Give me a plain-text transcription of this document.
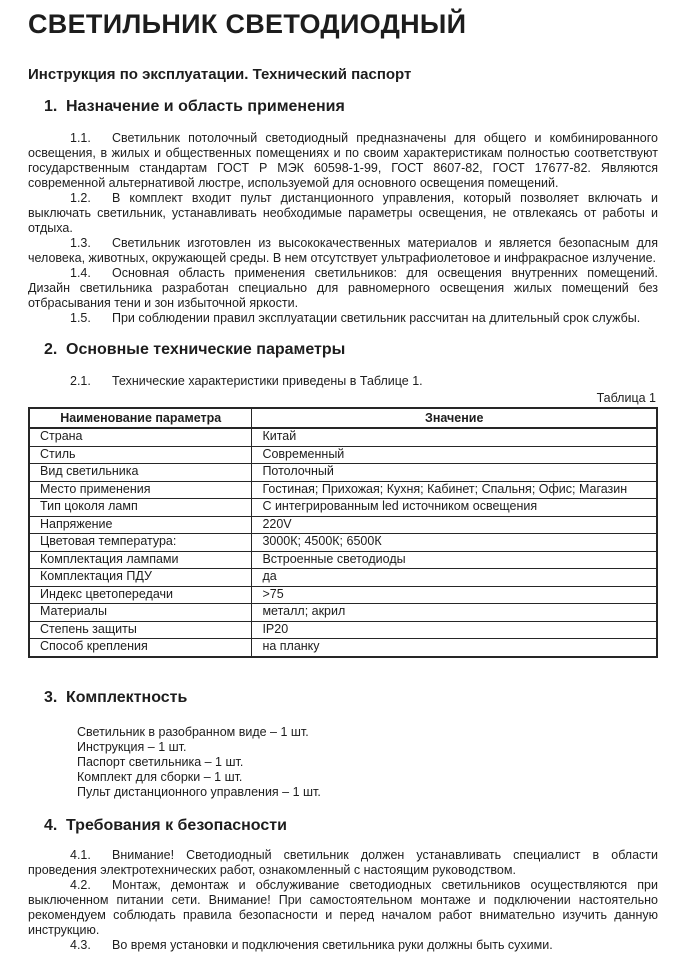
СВЕТИЛЬНИК СВЕТОДИОДНЫЙ
Инструкция по эксплуатации. Технический паспорт
1. Назначение и область применения

1.1. Светильник потолочный светодиодный предназначены для общего и комбинированного освещения, в жилых и общественных помещениях и по своим характеристикам полностью соответствуют государственным стандартам ГОСТ Р МЭК 60598-1-99, ГОСТ 8607-82, ГОСТ 17677-82. Являются современной альтернативой люстре, используемой для основного освещения помещений.

1.2. В комплект входит пульт дистанционного управления, который позволяет включать и выключать светильник, устанавливать необходимые параметры освещения, не отвлекаясь от работы и отдыха.

1.3. Светильник изготовлен из высококачественных материалов и является безопасным для человека, животных, окружающей среды. В нем отсутствует ультрафиолетовое и инфракрасное излучение.

1.4. Основная область применения светильников: для освещения внутренних помещений. Дизайн светильника разработан специально для равномерного освещения жилых помещений без отбрасывания тени и зон избыточной яркости.

1.5. При соблюдении правил эксплуатации светильник рассчитан на длительный срок службы.

2. Основные технические параметры

2.1. Технические характеристики приведены в Таблице 1.

Таблица 1
Наименование параметра	Значение
Страна	Китай
Стиль	Современный
Вид светильника	Потолочный
Место применения	Гостиная; Прихожая; Кухня; Кабинет; Спальня; Офис; Магазин
Тип цоколя ламп	С интегрированным led источником освещения
Напряжение	220V
Цветовая температура:	3000К; 4500К; 6500К
Комплектация лампами	Встроенные светодиоды
Комплектация ПДУ	да
Индекс цветопередачи	>75
Материалы	металл; акрил
Степень защиты	IP20
Способ крепления	на планку
3. Комплектность
Светильник в разобранном виде – 1 шт.
Инструкция – 1 шт.
Паспорт светильника – 1 шт.
Комплект для сборки – 1 шт.
Пульт дистанционного управления – 1 шт.
4. Требования к безопасности

4.1. Внимание! Светодиодный светильник должен устанавливать специалист в области проведения электротехнических работ, ознакомленный с настоящим руководством.

4.2. Монтаж, демонтаж и обслуживание светодиодных светильников осуществляются при выключенном питании сети. Внимание! При самостоятельном монтаже и подключении настоятельно рекомендуем соблюдать правила безопасности и перед началом работ внимательно изучить данную инструкцию.

4.3. Во время установки и подключения светильника руки должны быть сухими.
